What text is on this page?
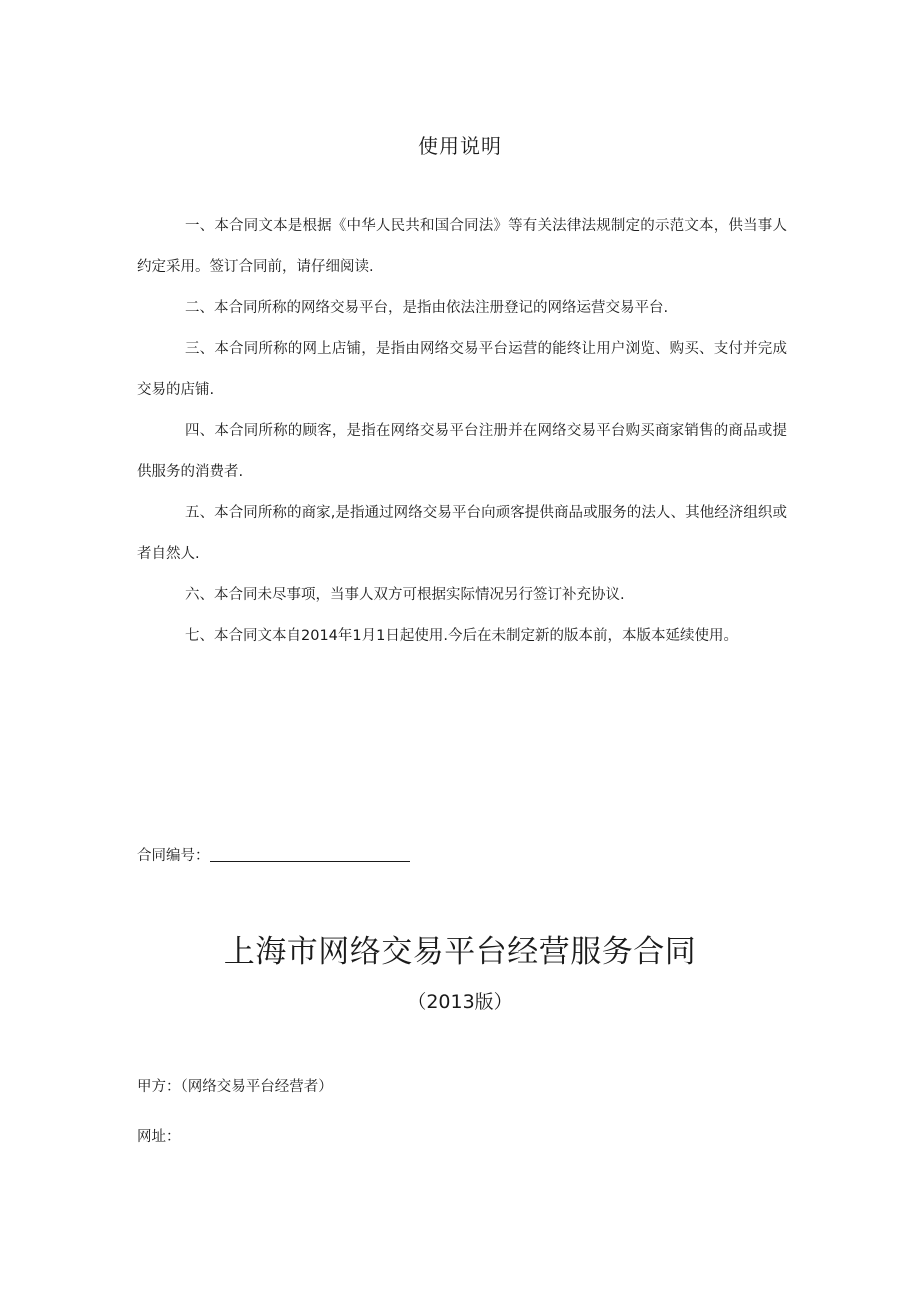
使用说明

一、本合同文本是根据《中华人民共和国合同法》等有关法律法规制定的示范文本，供当事人约定采用。签订合同前，请仔细阅读.

二、本合同所称的网络交易平台，是指由依法注册登记的网络运营交易平台.

三、本合同所称的网上店铺，是指由网络交易平台运营的能终让用户浏览、购买、支付并完成交易的店铺.

四、本合同所称的顾客，是指在网络交易平台注册并在网络交易平台购买商家销售的商品或提供服务的消费者.

五、本合同所称的商家,是指通过网络交易平台向顽客提供商品或服务的法人、其他经济组织或者自然人.

六、本合同未尽事项，当事人双方可根据实际情况另行签订补充协议.

七、本合同文本自2014年1月1日起使用.今后在未制定新的版本前，本版本延续使用。

合同编号：
上海市网络交易平台经营服务合同
（2013版）
甲方：（网络交易平台经营者）
网址：
